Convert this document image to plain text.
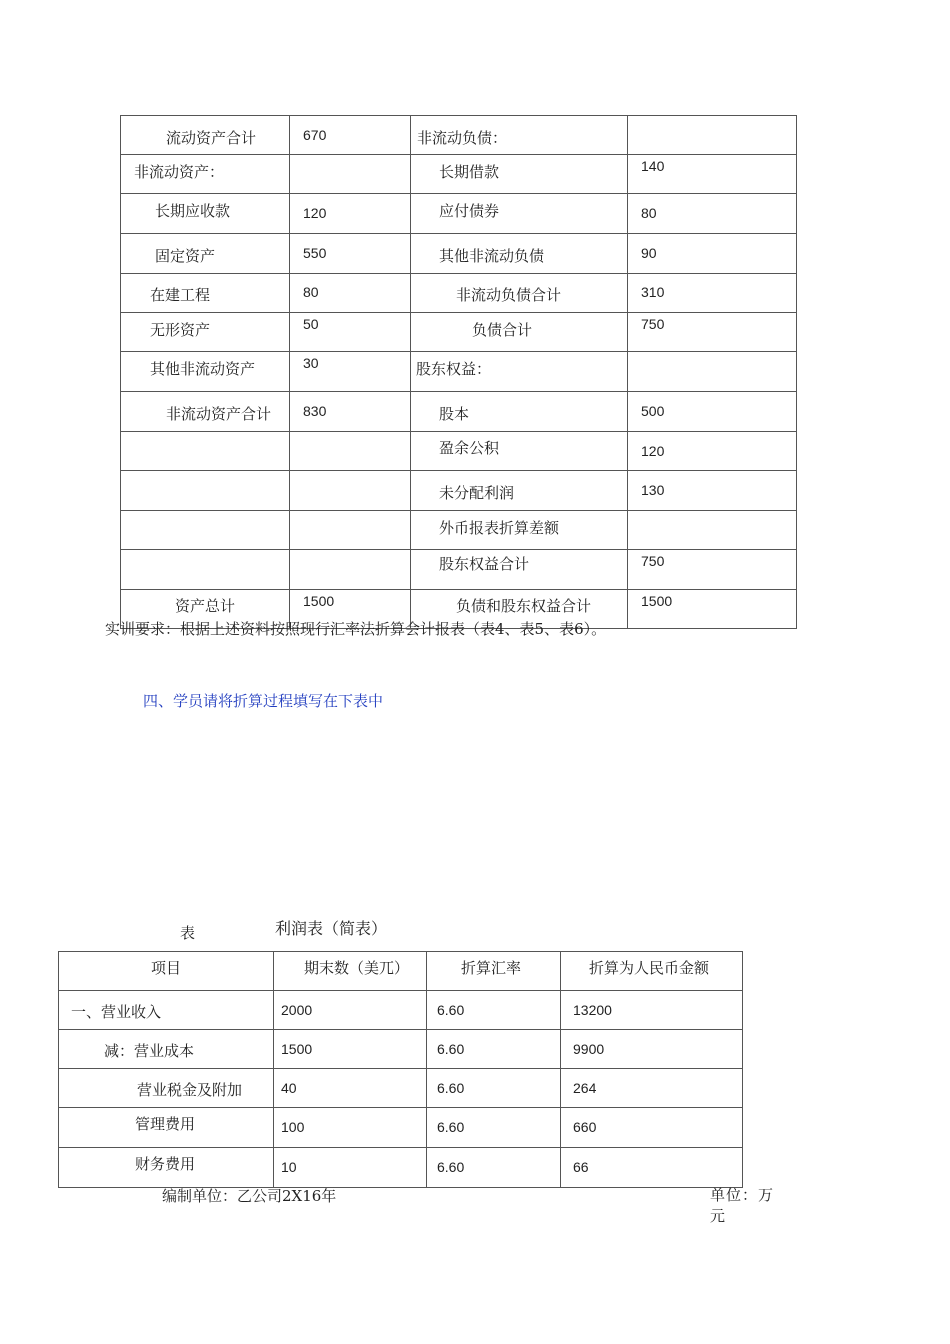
流动资产合计	670	非流动负债：	

非流动资产：		长期借款	140

长期应收款	120	应付债券	80

固定资产	550	其他非流动负债	90

在建工程	80	非流动负债合计	310

无形资产	50	负债合计	750

其他非流动资产	30	股东权益：	

非流动资产合计	830	股本	500

		盈余公积	120

		未分配利润	130

		外币报表折算差额	

		股东权益合计	750

资产总计	1500	负债和股东权益合计	1500
实训要求：根据上述资料按照现行汇率法折算会计报表（表4、表5、表6）。
四、学员请将折算过程填写在下表中
表	利润表（简表）
项目	期末数（美兀）	折算汇率	折算为人民币金额

一、营业收入	2000	6.60	13200

减：营业成本	1500	6.60	9900

营业税金及附加	40	6.60	264

管理费用	100	6.60	660

财务费用	10	6.60	66
编制单位：乙公司2X16年	单位：万元
